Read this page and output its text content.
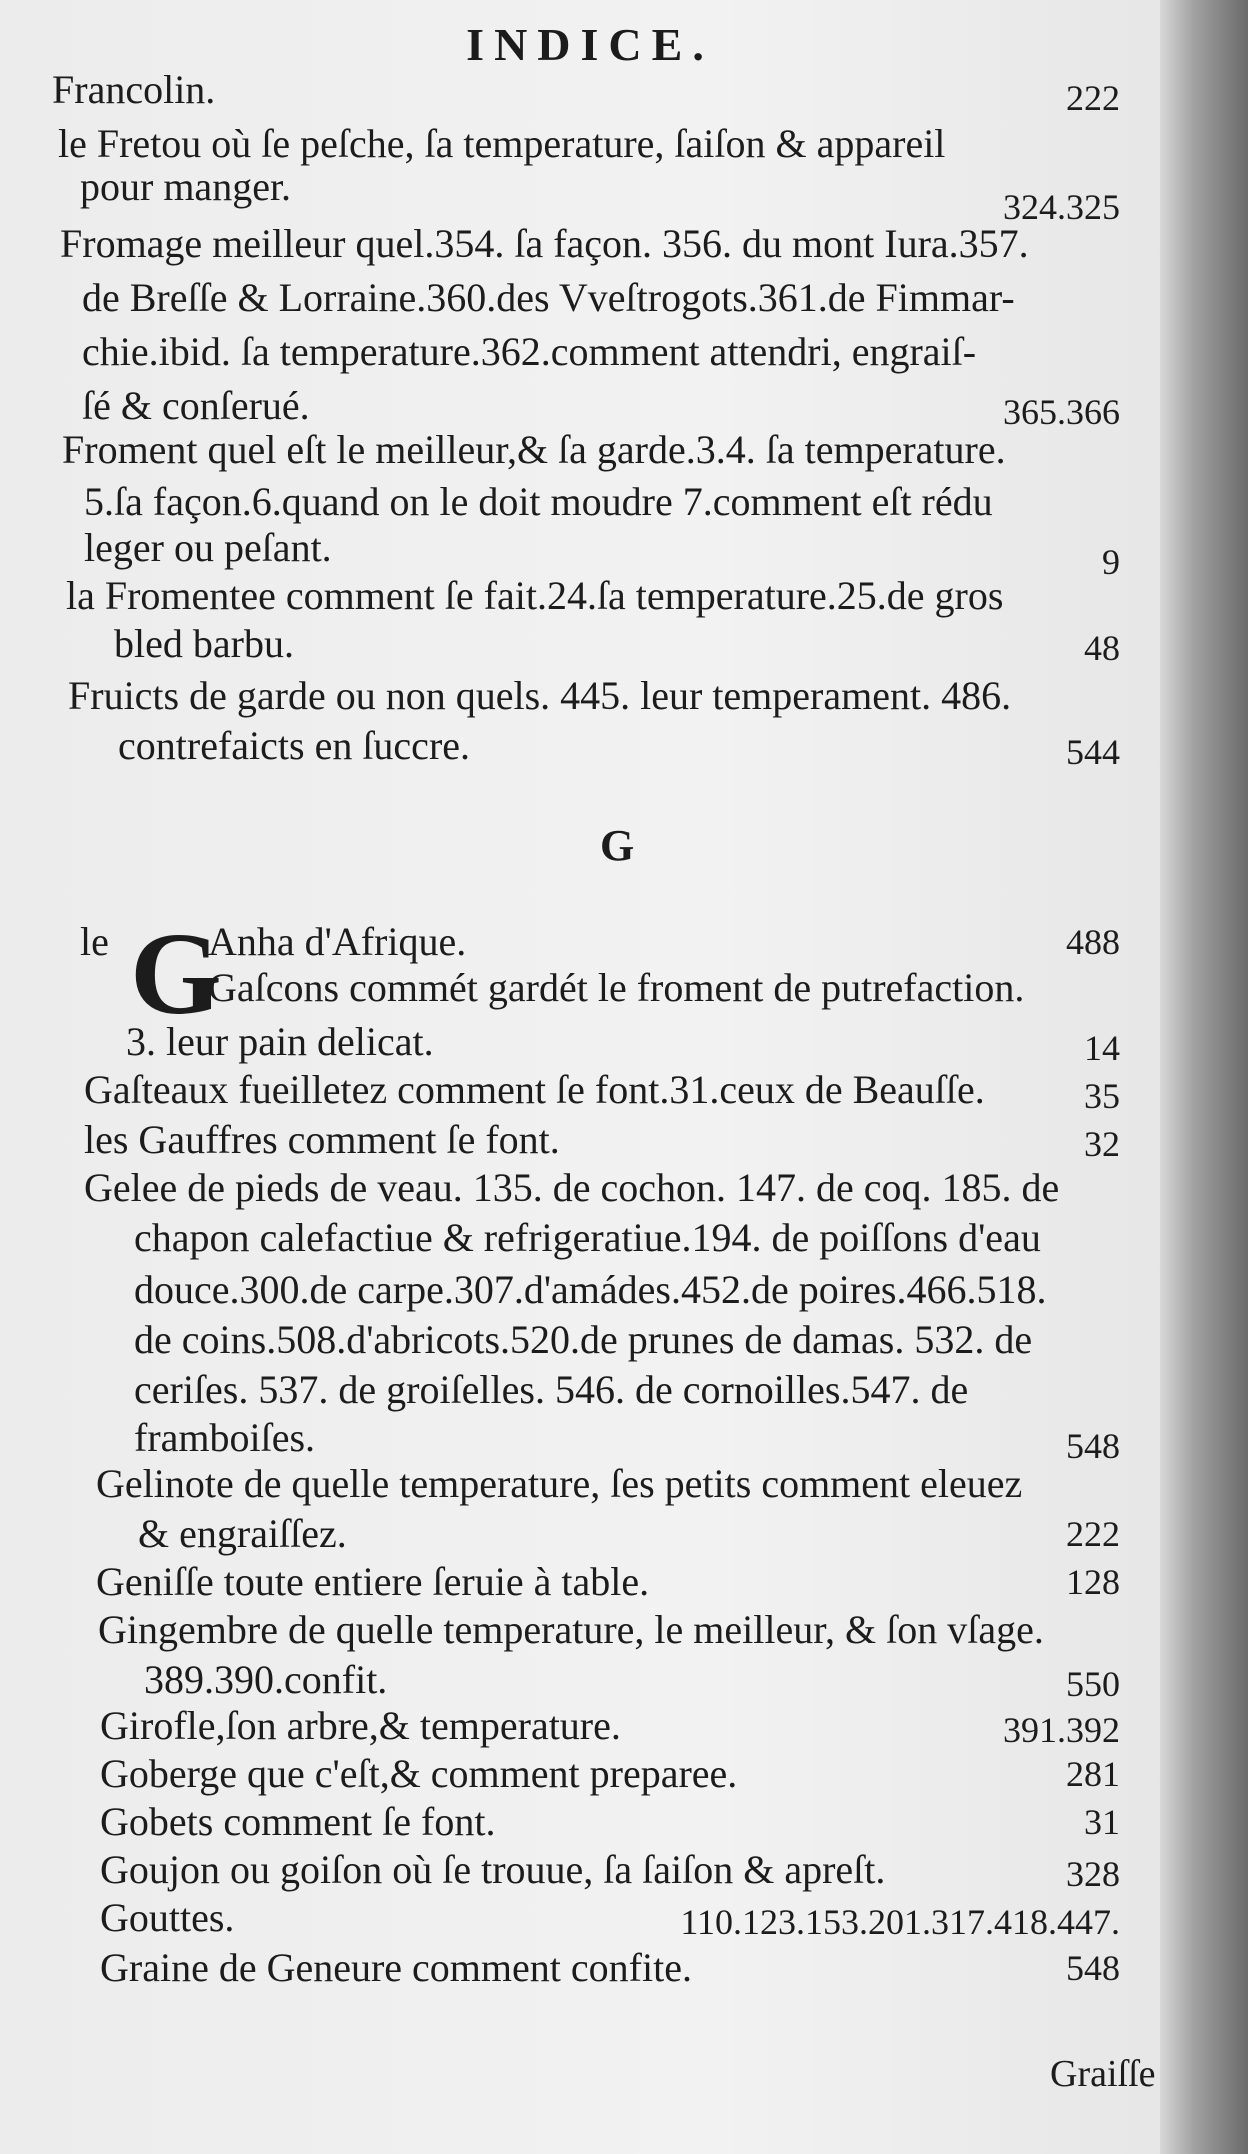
INDICE.
Francolin.	222
le Fretou où ſe peſche, ſa temperature, ſaiſon & appareil
pour manger.	324.325
Fromage meilleur quel.354. ſa façon. 356. du mont Iura.357.
de Breſſe & Lorraine.360.des Vveſtrogots.361.de Fimmar-
chie.ibid. ſa temperature.362.comment attendri, engraiſ-
ſé & conſerué.	365.366
Froment quel eſt le meilleur,& ſa garde.3.4. ſa temperature.
5.ſa façon.6.quand on le doit moudre 7.comment eſt rédu
leger ou peſant.	9
la Fromentee comment ſe fait.24.ſa temperature.25.de gros
bled barbu.	48
Fruicts de garde ou non quels. 445. leur temperament. 486.
contrefaicts en ſuccre.	544
G
le G
Anha d'Afrique.	488
Gaſcons commét gardét le froment de putrefaction.
3. leur pain delicat.	14
Gaſteaux fueilletez comment ſe font.31.ceux de Beauſſe.	35
les Gauffres comment ſe font.	32
Gelee de pieds de veau. 135. de cochon. 147. de coq. 185. de
chapon calefactiue & refrigeratiue.194. de poiſſons d'eau
douce.300.de carpe.307.d'amádes.452.de poires.466.518.
de coins.508.d'abricots.520.de prunes de damas. 532. de
ceriſes. 537. de groiſelles. 546. de cornoilles.547. de
framboiſes.	548
Gelinote de quelle temperature, ſes petits comment eleuez
& engraiſſez.	222
Geniſſe toute entiere ſeruie à table.	128
Gingembre de quelle temperature, le meilleur, & ſon vſage.
389.390.confit.	550
Girofle,ſon arbre,& temperature.	391.392
Goberge que c'eſt,& comment preparee.	281
Gobets comment ſe font.	31
Goujon ou goiſon où ſe trouue, ſa ſaiſon & apreſt.	328
Gouttes.	110.123.153.201.317.418.447.
Graine de Geneure comment confite.	548
Graiſſe
